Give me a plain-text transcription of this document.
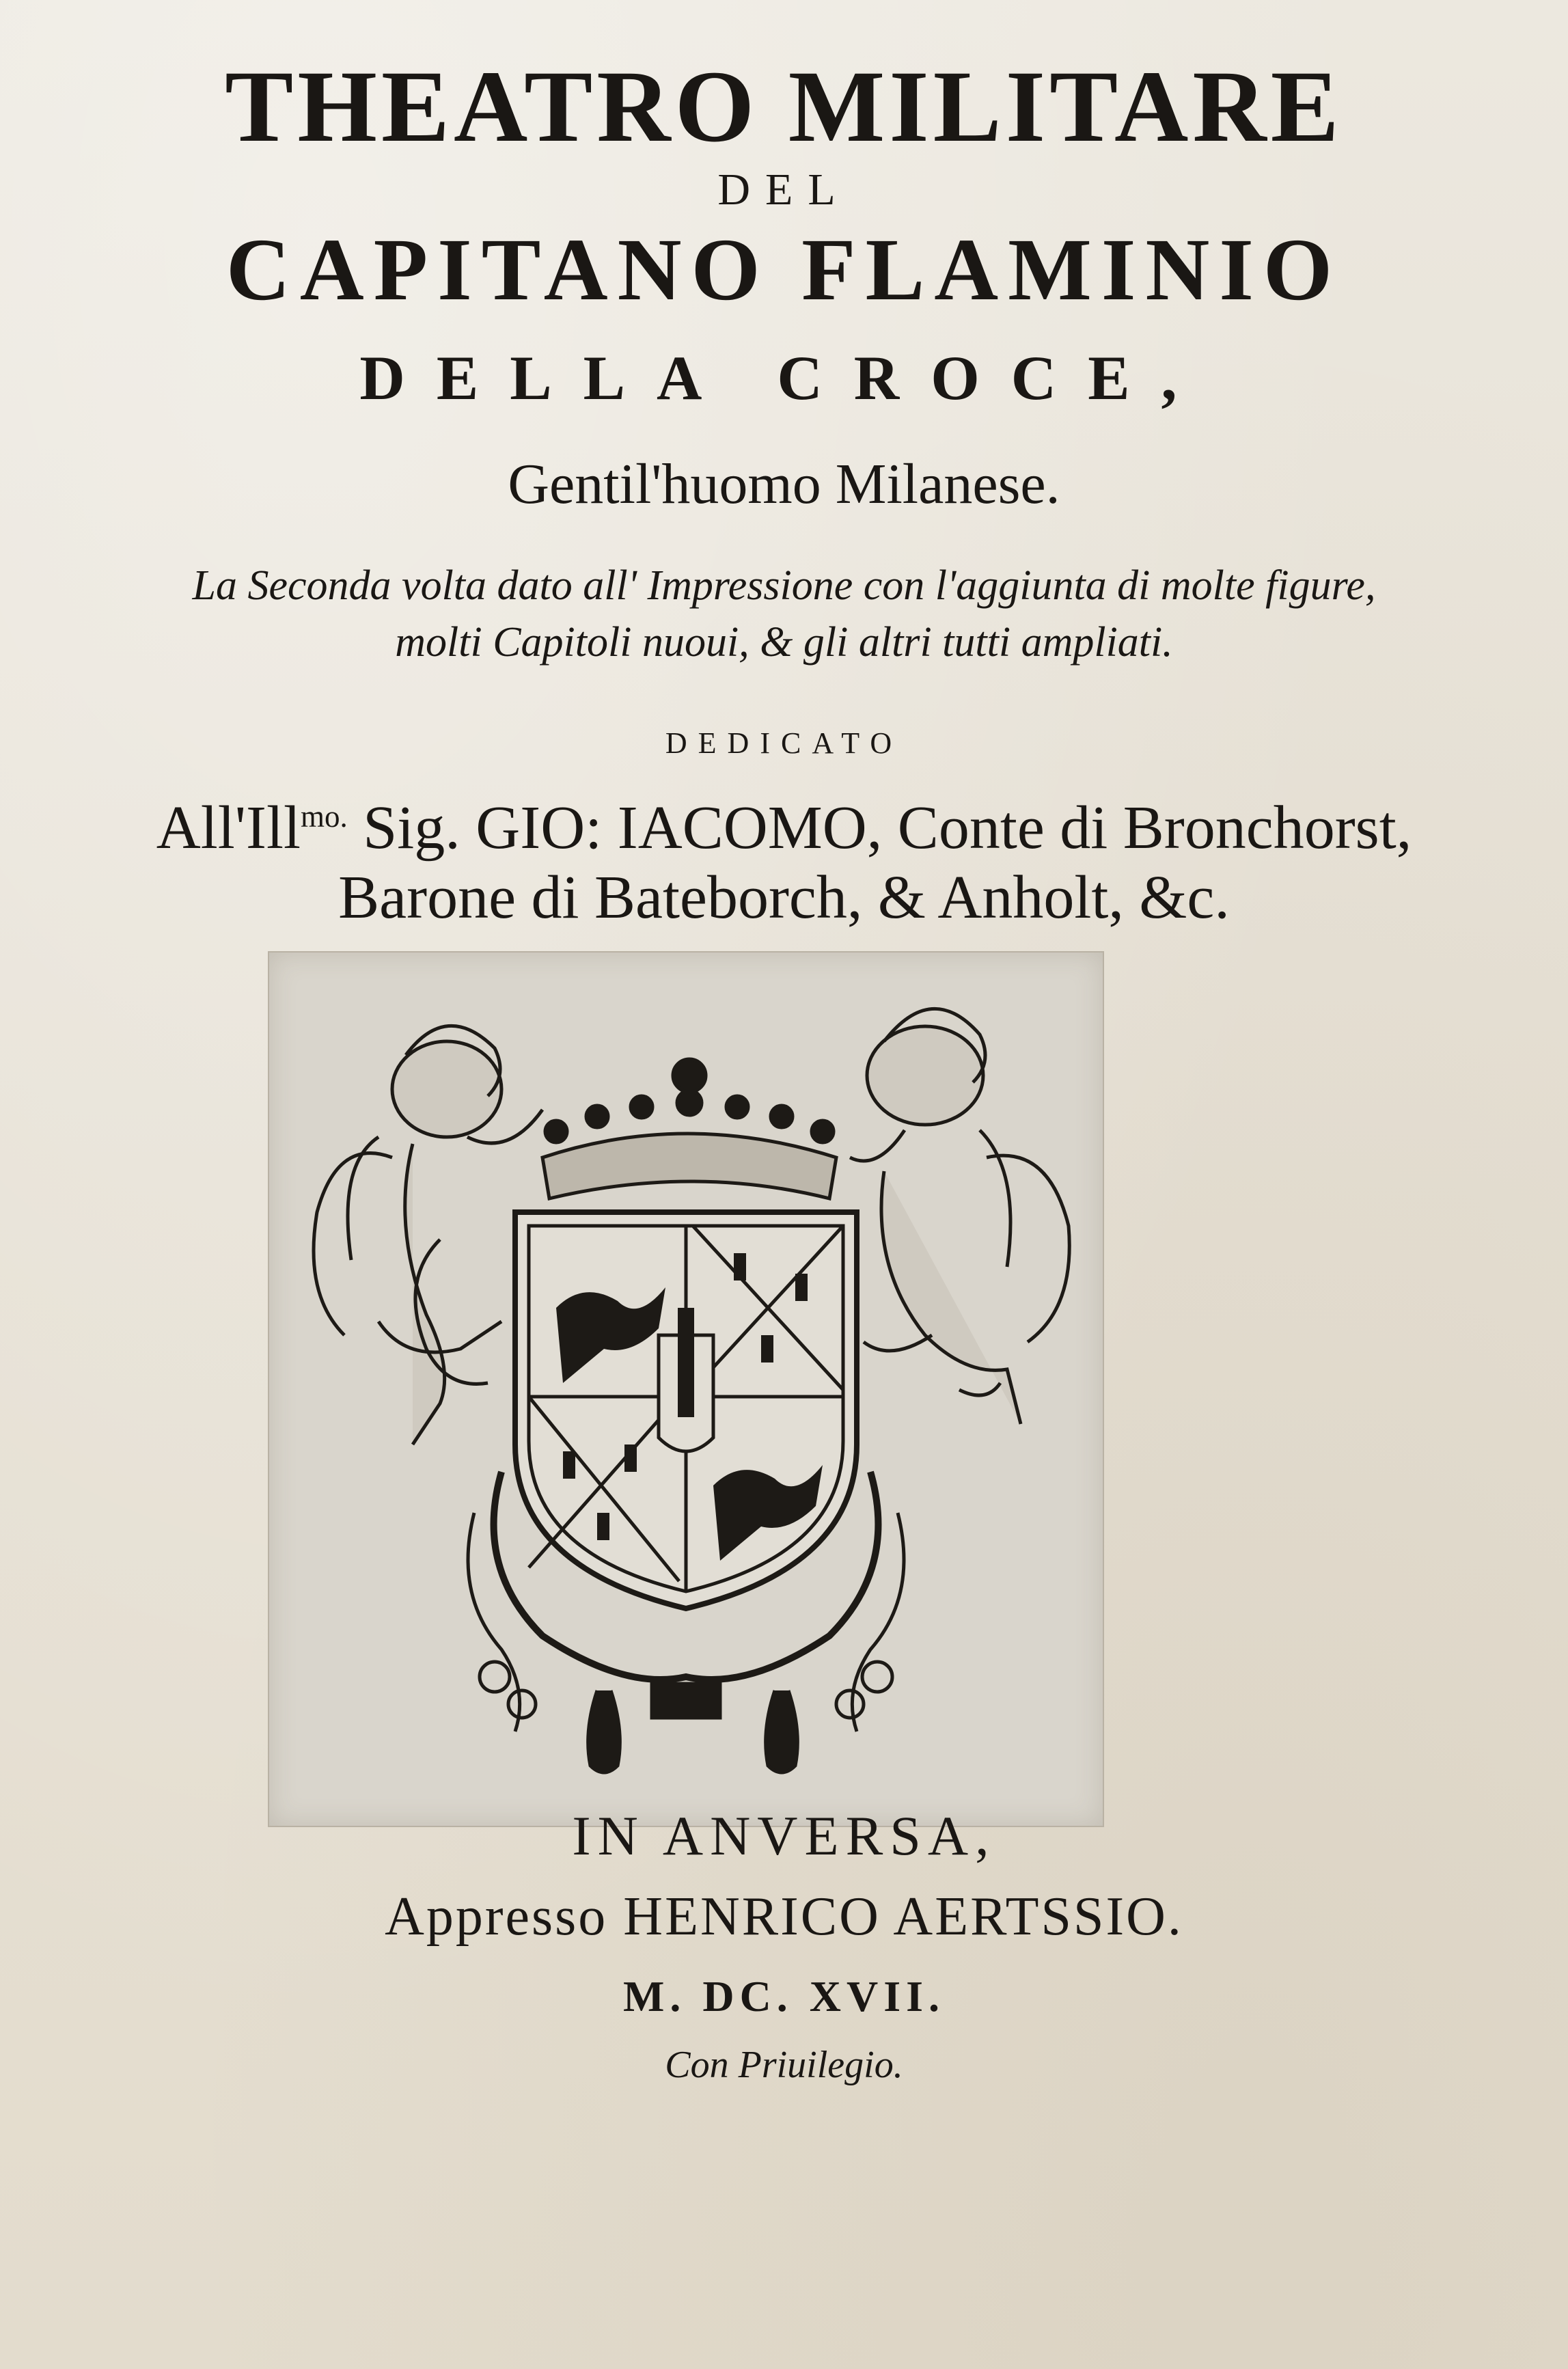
THEATRO MILITARE
DEL
CAPITANO FLAMINIO
DELLA CROCE,
Gentil'huomo Milanese.
La Seconda volta dato all' Impressione con l'aggiunta di molte figure,
molti Capitoli nuoui, & gli altri tutti ampliati.
DEDICATO
All'Ill$^{mo.}$ Sig. GIO: IACOMO, Conte di Bronchorst,
Barone di Bateborch, & Anholt, &c.
IN ANVERSA,
Appresso HENRICO AERTSSIO.
M. DC. XVII.
Con Priuilegio.
